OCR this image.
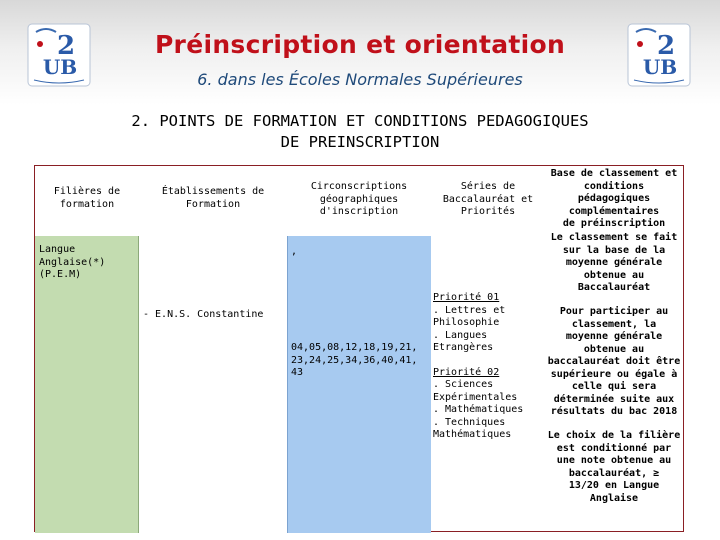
2
UB
2
UB
Préinscription et orientation
6. dans les Écoles Normales Supérieures
2. POINTS DE FORMATION ET CONDITIONS PEDAGOGIQUES
DE PREINSCRIPTION
Filières de
formation
Établissements de
Formation
Circonscriptions
géographiques
d'inscription
Séries de
Baccalauréat et
Priorités
Base de classement et
conditions
pédagogiques
complémentaires
de préinscription
Langue
Anglaise(*)
(P.E.M)
- E.N.S. Constantine
,
04,05,08,12,18,19,21,
23,24,25,34,36,40,41,
43
Priorité 01
. Lettres et
Philosophie
. Langues
Etrangères
Priorité 02
. Sciences
Expérimentales
. Mathématiques
. Techniques
Mathématiques
Le classement se fait
sur la base de la
moyenne générale
obtenue au
Baccalauréat
Pour participer au
classement, la
moyenne générale
obtenue au
baccalauréat doit être
supérieure ou égale à
celle qui sera
déterminée suite aux
résultats du bac 2018
Le choix de la filière
est conditionné par
une note obtenue au
baccalauréat, ≥
13/20 en Langue
Anglaise
